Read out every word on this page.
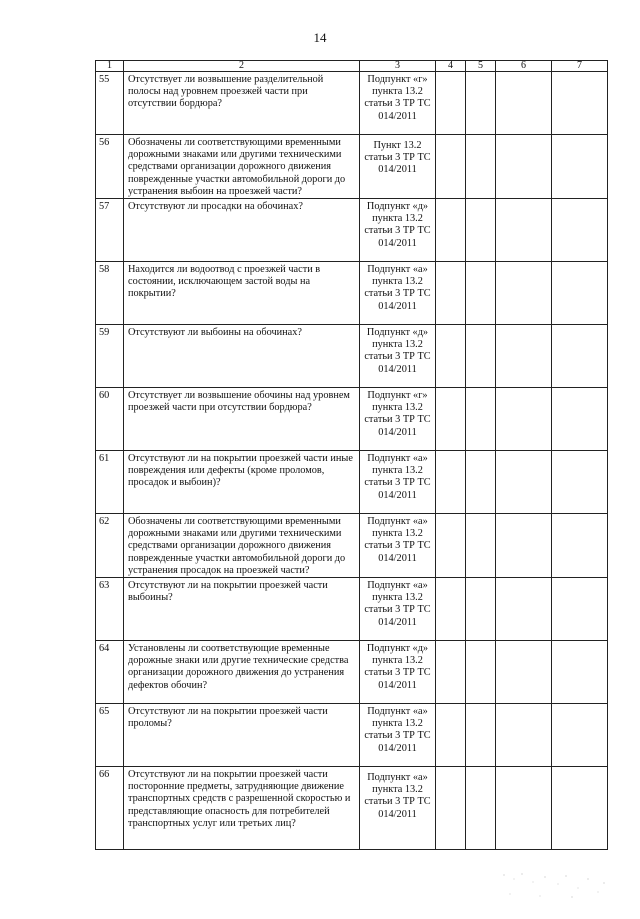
14
1	2	3	4	5	6	7
55	Отсутствует ли возвышение разделительной полосы над уровнем проезжей части при отсутствии бордюра?	Подпункт «г» пункта 13.2 статьи 3 ТР ТС 014/2011				
56	Обозначены ли соответствующими временными дорожными знаками или другими техническими средствами организации дорожного движения поврежденные участки автомобильной дороги до устранения выбоин на проезжей части?	Пункт 13.2 статьи 3 ТР ТС 014/2011				
57	Отсутствуют ли просадки на обочинах?	Подпункт «д» пункта 13.2 статьи 3 ТР ТС 014/2011				
58	Находится ли водоотвод с проезжей части в состоянии, исключающем застой воды на покрытии?	Подпункт «а» пункта 13.2 статьи 3 ТР ТС 014/2011				
59	Отсутствуют ли выбоины на обочинах?	Подпункт «д» пункта 13.2 статьи 3 ТР ТС 014/2011				
60	Отсутствует ли возвышение обочины над уровнем проезжей части при отсутствии бордюра?	Подпункт «г» пункта 13.2 статьи 3 ТР ТС 014/2011				
61	Отсутствуют ли на покрытии проезжей части иные повреждения или дефекты (кроме проломов, просадок и выбоин)?	Подпункт «а» пункта 13.2 статьи 3 ТР ТС 014/2011				
62	Обозначены ли соответствующими временными дорожными знаками или другими техническими средствами организации дорожного движения поврежденные участки автомобильной дороги до устранения просадок на проезжей части?	Подпункт «а» пункта 13.2 статьи 3 ТР ТС 014/2011				
63	Отсутствуют ли на покрытии проезжей части выбоины?	Подпункт «а» пункта 13.2 статьи 3 ТР ТС 014/2011				
64	Установлены ли соответствующие временные дорожные знаки или другие технические средства организации дорожного движения до устранения дефектов обочин?	Подпункт «д» пункта 13.2 статьи 3 ТР ТС 014/2011				
65	Отсутствуют ли на покрытии проезжей части проломы?	Подпункт «а» пункта 13.2 статьи 3 ТР ТС 014/2011				
66	Отсутствуют ли на покрытии проезжей части посторонние предметы, затрудняющие движение транспортных средств с разрешенной скоростью и представляющие опасность для потребителей транспортных услуг или третьих лиц?	Подпункт «а» пункта 13.2 статьи 3 ТР ТС 014/2011				
